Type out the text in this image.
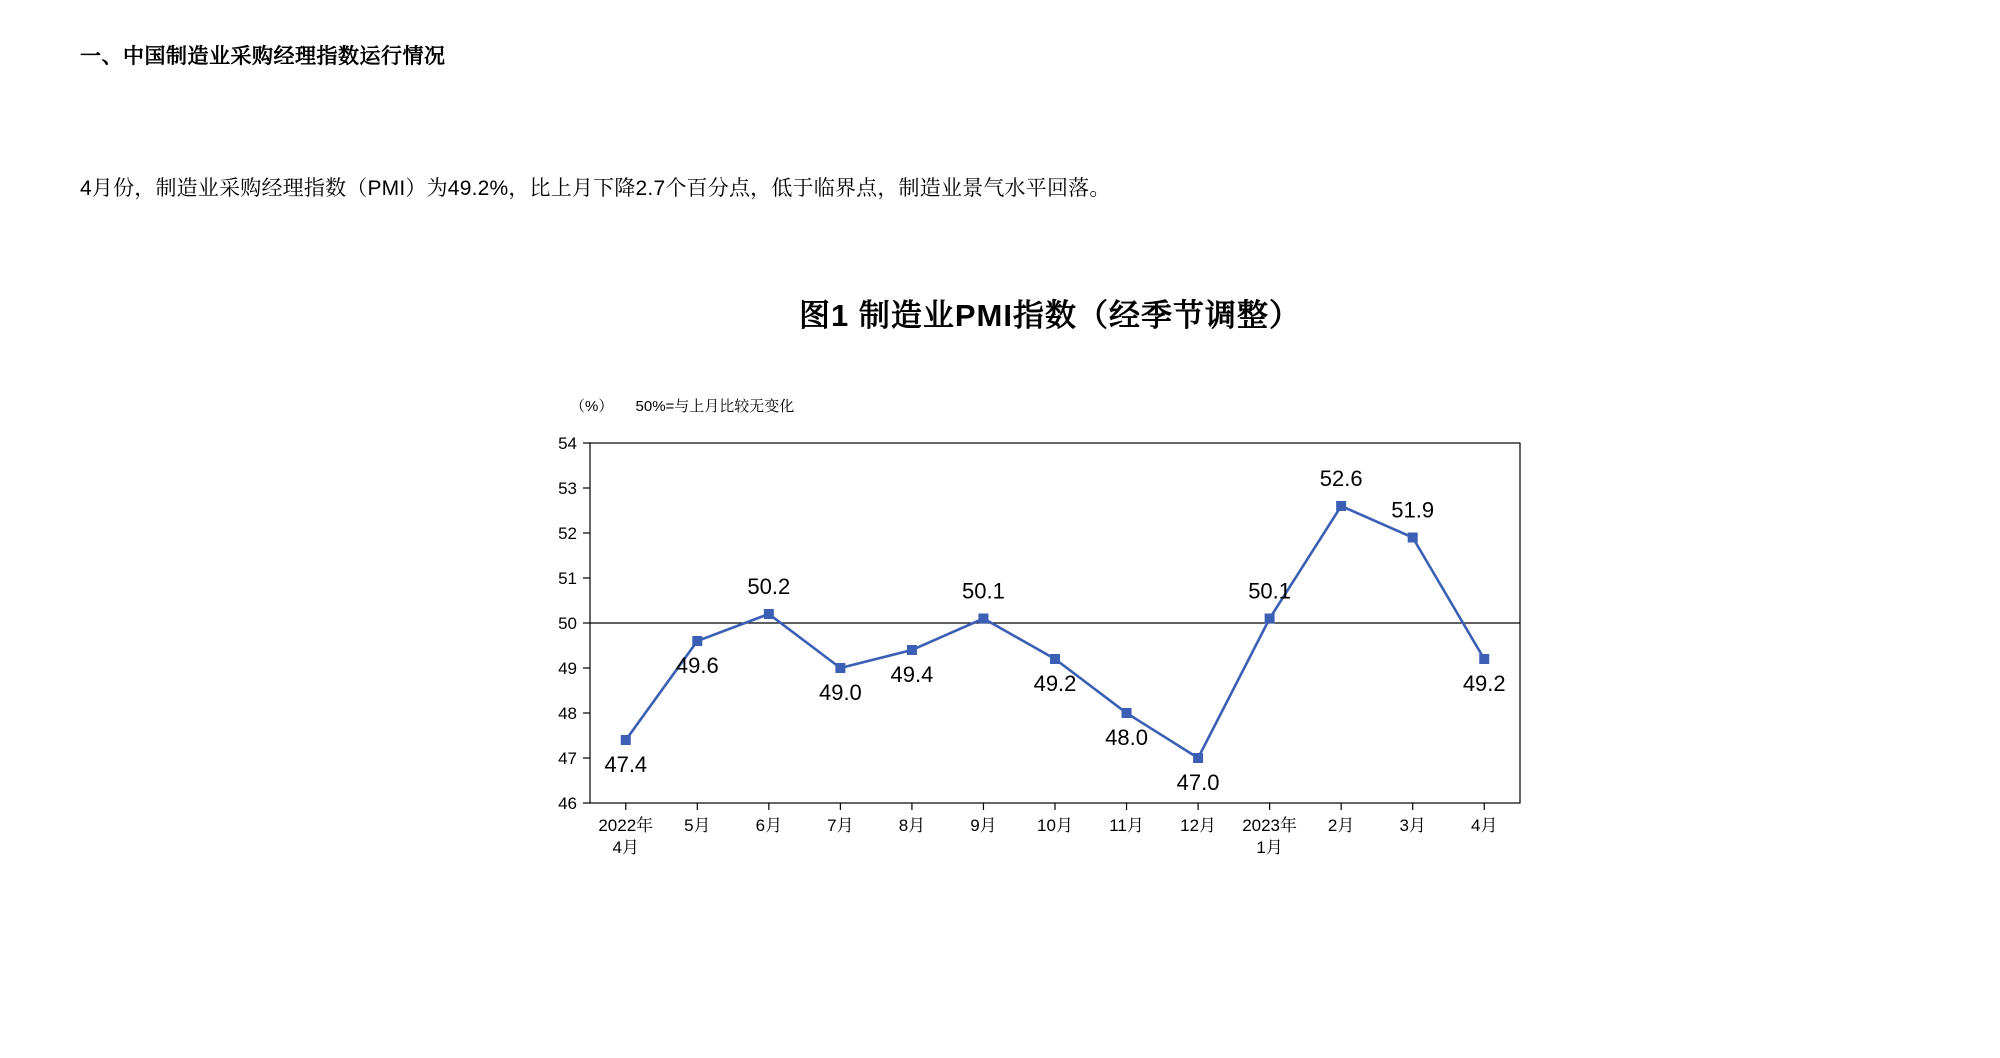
一、中国制造业采购经理指数运行情况
4月份，制造业采购经理指数（PMI）为49.2%，比上月下降2.7个百分点，低于临界点，制造业景气水平回落。
图1 制造业PMI指数（经季节调整）
（%） 50%=与上月比较无变化
46
47
48
49
50
51
52
53
54
47.4
49.6
50.2
49.0
49.4
50.1
49.2
48.0
47.0
50.1
52.6
51.9
49.2
2022年 4月
5月	6月	7月	8月	9月 10月 11月 12月 2023年 1月
2月	3月	4月
